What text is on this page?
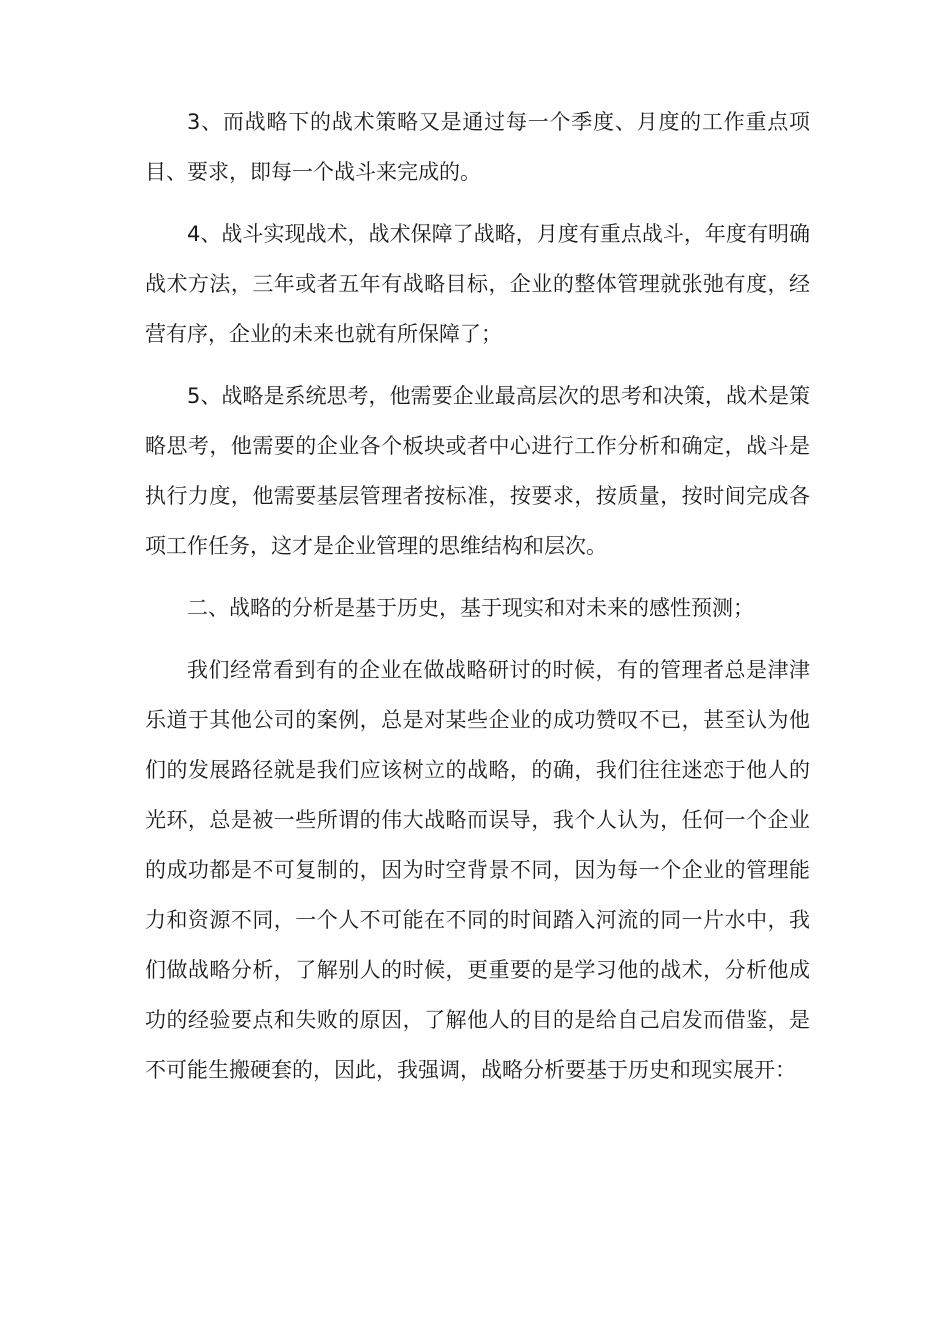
3、而战略下的战术策略又是通过每一个季度、月度的工作重点项目、要求，即每一个战斗来完成的。

4、战斗实现战术，战术保障了战略，月度有重点战斗，年度有明确战术方法，三年或者五年有战略目标，企业的整体管理就张弛有度，经营有序，企业的未来也就有所保障了；

5、战略是系统思考，他需要企业最高层次的思考和决策，战术是策略思考，他需要的企业各个板块或者中心进行工作分析和确定，战斗是执行力度，他需要基层管理者按标准，按要求，按质量，按时间完成各项工作任务，这才是企业管理的思维结构和层次。

二、战略的分析是基于历史，基于现实和对未来的感性预测；

我们经常看到有的企业在做战略研讨的时候，有的管理者总是津津乐道于其他公司的案例，总是对某些企业的成功赞叹不已，甚至认为他们的发展路径就是我们应该树立的战略，的确，我们往往迷恋于他人的光环，总是被一些所谓的伟大战略而误导，我个人认为，任何一个企业的成功都是不可复制的，因为时空背景不同，因为每一个企业的管理能力和资源不同，一个人不可能在不同的时间踏入河流的同一片水中，我们做战略分析，了解别人的时候，更重要的是学习他的战术，分析他成功的经验要点和失败的原因，了解他人的目的是给自己启发而借鉴，是不可能生搬硬套的，因此，我强调，战略分析要基于历史和现实展开：
